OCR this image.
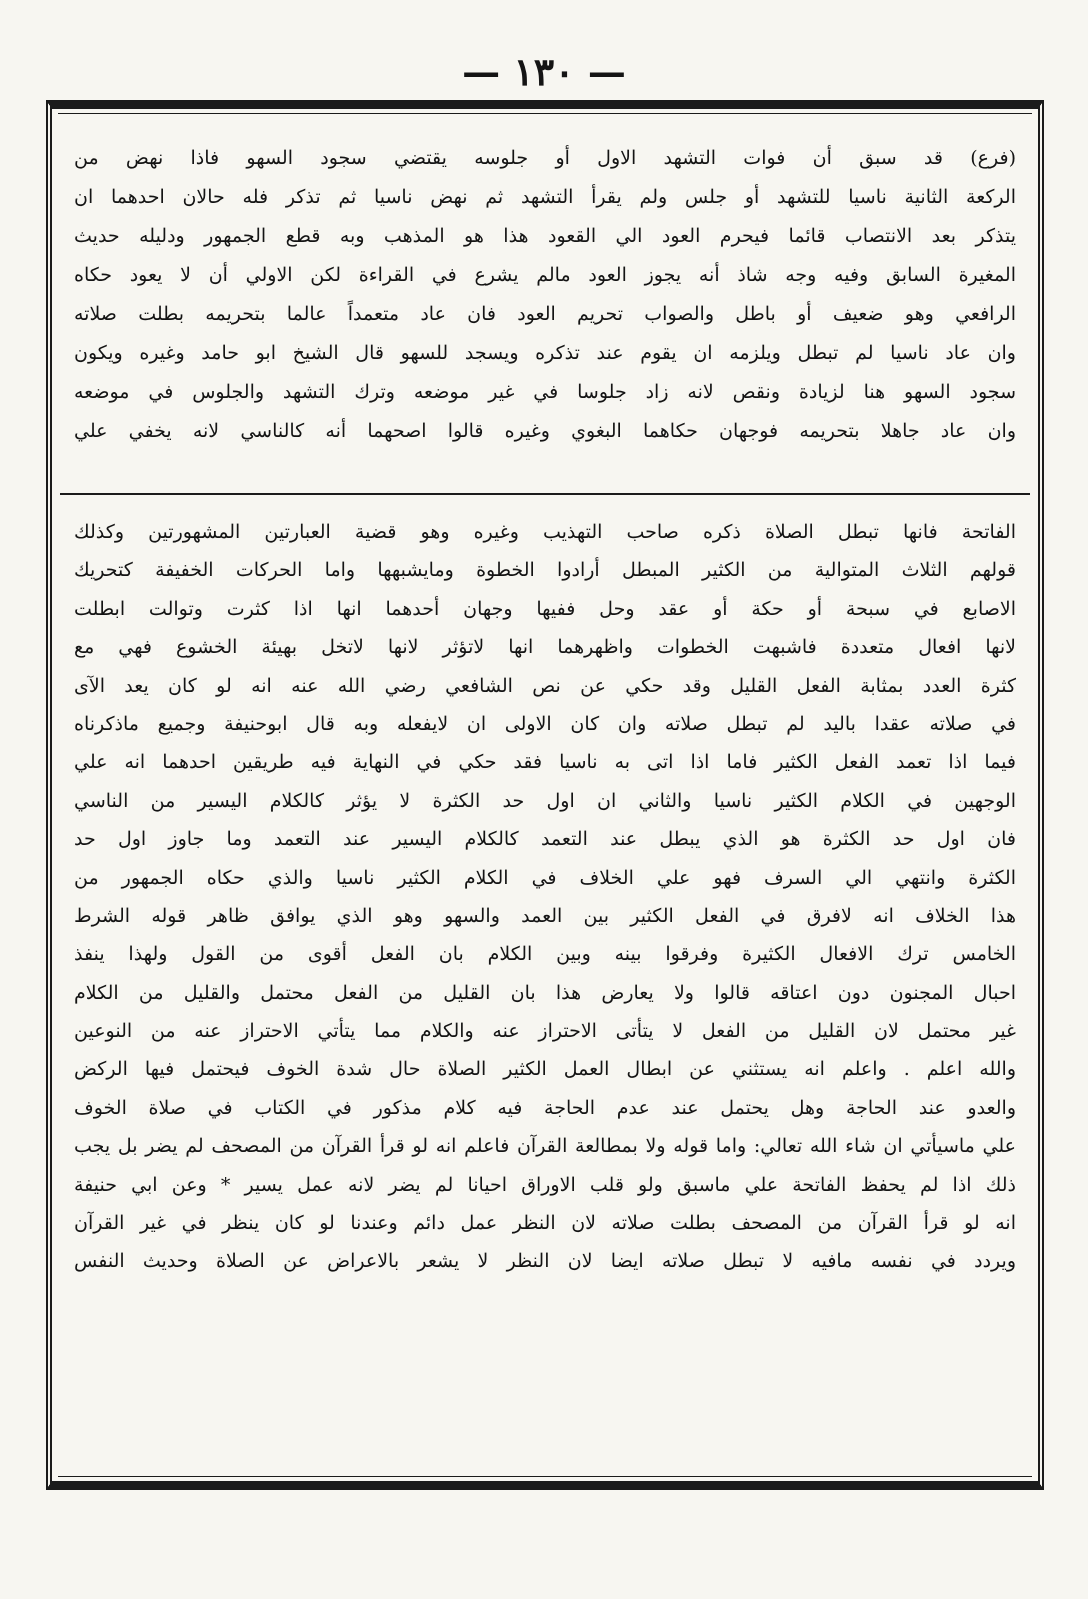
— ١٣٠ —
(فرع) قد سبق أن فوات التشهد الاول أو جلوسه يقتضي سجود السهو فاذا نهض من
الركعة الثانية ناسيا للتشهد أو جلس ولم يقرأ التشهد ثم نهض ناسيا ثم تذكر فله حالان احدهما ان
يتذكر بعد الانتصاب قائما فيحرم العود الي القعود هذا هو المذهب وبه قطع الجمهور ودليله حديث
المغيرة السابق وفيه وجه شاذ أنه يجوز العود مالم يشرع في القراءة لكن الاولي أن لا يعود حكاه
الرافعي وهو ضعيف أو باطل والصواب تحريم العود فان عاد متعمداً عالما بتحريمه بطلت صلاته
وان عاد ناسيا لم تبطل ويلزمه ان يقوم عند تذكره ويسجد للسهو قال الشيخ ابو حامد وغيره ويكون
سجود السهو هنا لزيادة ونقص لانه زاد جلوسا في غير موضعه وترك التشهد والجلوس في موضعه
وان عاد جاهلا بتحريمه فوجهان حكاهما البغوي وغيره قالوا اصحهما أنه كالناسي لانه يخفي علي
الفاتحة فانها تبطل الصلاة ذكره صاحب التهذيب وغيره وهو قضية العبارتين المشهورتين وكذلك
قولهم الثلاث المتوالية من الكثير المبطل أرادوا الخطوة ومايشبهها واما الحركات الخفيفة كتحريك
الاصابع في سبحة أو حكة أو عقد وحل ففيها وجهان أحدهما انها اذا كثرت وتوالت ابطلت
لانها افعال متعددة فاشبهت الخطوات واظهرهما انها لاتؤثر لانها لاتخل بهيئة الخشوع فهي مع
كثرة العدد بمثابة الفعل القليل وقد حكي عن نص الشافعي رضي الله عنه انه لو كان يعد الآى
في صلاته عقدا باليد لم تبطل صلاته وان كان الاولى ان لايفعله وبه قال ابوحنيفة وجميع ماذكرناه
فيما اذا تعمد الفعل الكثير فاما اذا اتى به ناسيا فقد حكي في النهاية فيه طريقين احدهما انه علي
الوجهين في الكلام الكثير ناسيا والثاني ان اول حد الكثرة لا يؤثر كالكلام اليسير من الناسي
فان اول حد الكثرة هو الذي يبطل عند التعمد كالكلام اليسير عند التعمد وما جاوز اول حد
الكثرة وانتهي الي السرف فهو علي الخلاف في الكلام الكثير ناسيا والذي حكاه الجمهور من
هذا الخلاف انه لافرق في الفعل الكثير بين العمد والسهو وهو الذي يوافق ظاهر قوله الشرط
الخامس ترك الافعال الكثيرة وفرقوا بينه وبين الكلام بان الفعل أقوى من القول ولهذا ينفذ
احبال المجنون دون اعتاقه قالوا ولا يعارض هذا بان القليل من الفعل محتمل والقليل من الكلام
غير محتمل لان القليل من الفعل لا يتأتى الاحتراز عنه والكلام مما يتأتي الاحتراز عنه من النوعين
والله اعلم . واعلم انه يستثني عن ابطال العمل الكثير الصلاة حال شدة الخوف فيحتمل فيها الركض
والعدو عند الحاجة وهل يحتمل عند عدم الحاجة فيه كلام مذكور في الكتاب في صلاة الخوف
علي ماسيأتي ان شاء الله تعالي: واما قوله ولا بمطالعة القرآن فاعلم انه لو قرأ القرآن من المصحف لم يضر بل يجب
ذلك اذا لم يحفظ الفاتحة علي ماسبق ولو قلب الاوراق احيانا لم يضر لانه عمل يسير * وعن ابي حنيفة
انه لو قرأ القرآن من المصحف بطلت صلاته لان النظر عمل دائم وعندنا لو كان ينظر في غير القرآن
ويردد في نفسه مافيه لا تبطل صلاته ايضا لان النظر لا يشعر بالاعراض عن الصلاة وحديث النفس
